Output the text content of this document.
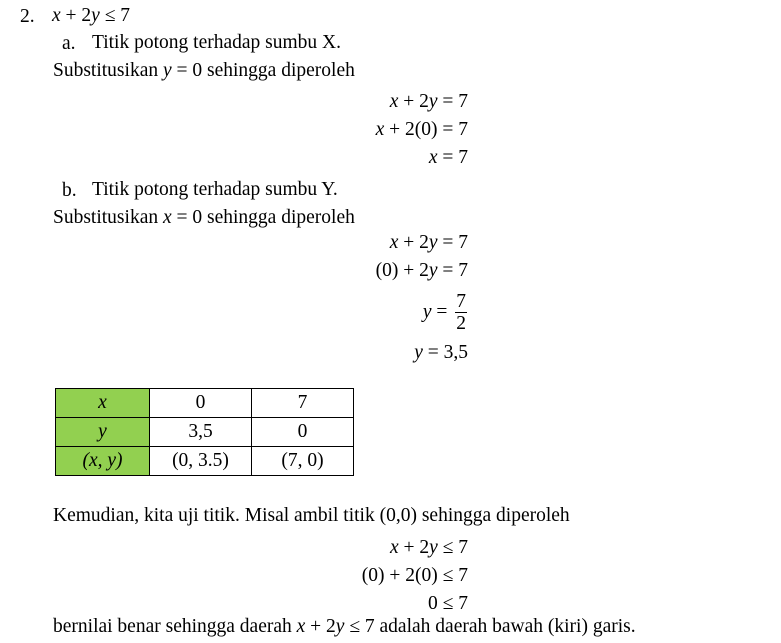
2. x + 2y ≤ 7
a. Titik potong terhadap sumbu X.
Substitusikan y = 0 sehingga diperoleh
x + 2y = 7
x + 2(0) = 7
x = 7
b. Titik potong terhadap sumbu Y.
Substitusikan x = 0 sehingga diperoleh
x + 2y = 7
(0) + 2y = 7
$y = \frac{7}{2}$
y = 3,5
x	0	7
y	3,5	0
(x, y)	(0, 3.5)	(7, 0)
Kemudian, kita uji titik. Misal ambil titik (0,0) sehingga diperoleh
x + 2y ≤ 7
(0) + 2(0) ≤ 7
0 ≤ 7
bernilai benar sehingga daerah x + 2y ≤ 7 adalah daerah bawah (kiri) garis.
